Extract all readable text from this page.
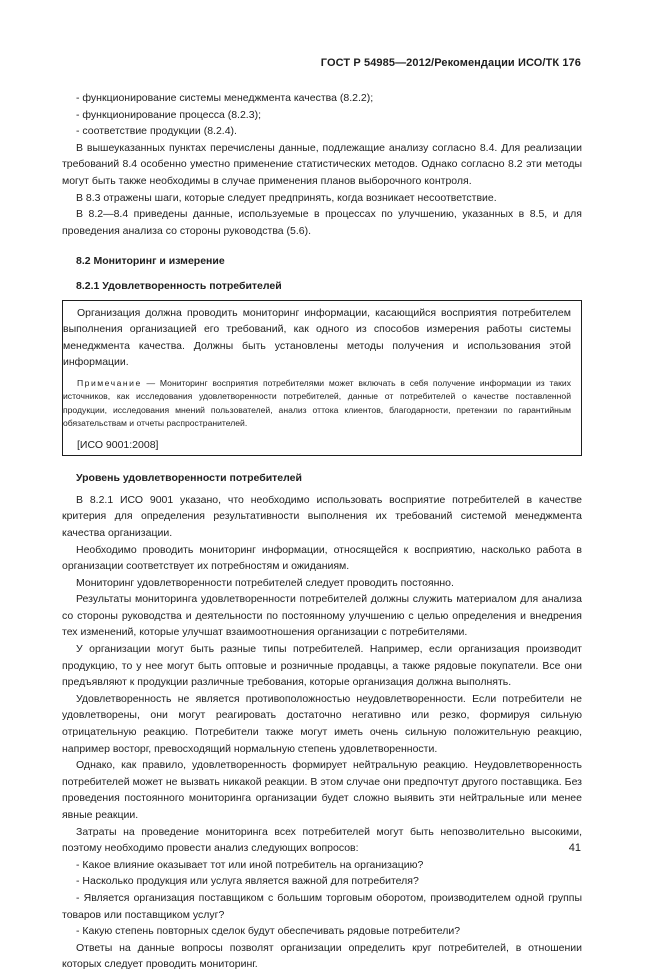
ГОСТ Р 54985—2012/Рекомендации ИСО/ТК 176

- функционирование системы менеджмента качества (8.2.2);

- функционирование процесса (8.2.3);

- соответствие продукции (8.2.4).

В вышеуказанных пунктах перечислены данные, подлежащие анализу согласно 8.4. Для реализации требований 8.4 особенно уместно применение статистических методов. Однако согласно 8.2 эти методы могут быть также необходимы в случае применения планов выборочного контроля.

В 8.3 отражены шаги, которые следует предпринять, когда возникает несоответствие.

В 8.2—8.4 приведены данные, используемые в процессах по улучшению, указанных в 8.5, и для проведения анализа со стороны руководства (5.6).

8.2 Мониторинг и измерение

8.2.1 Удовлетворенность потребителей

Организация должна проводить мониторинг информации, касающийся восприятия потребителем выполнения организацией его требований, как одного из способов измерения работы системы менеджмента качества. Должны быть установлены методы получения и использования этой информации.

Примечание — Мониторинг восприятия потребителями может включать в себя получение информации из таких источников, как исследования удовлетворенности потребителей, данные от потребителей о качестве поставленной продукции, исследования мнений пользователей, анализ оттока клиентов, благодарности, претензии по гарантийным обязательствам и отчеты распространителей.

[ИСО 9001:2008]

Уровень удовлетворенности потребителей

В 8.2.1 ИСО 9001 указано, что необходимо использовать восприятие потребителей в качестве критерия для определения результативности выполнения их требований системой менеджмента качества организации.

Необходимо проводить мониторинг информации, относящейся к восприятию, насколько работа в организации соответствует их потребностям и ожиданиям.

Мониторинг удовлетворенности потребителей следует проводить постоянно.

Результаты мониторинга удовлетворенности потребителей должны служить материалом для анализа со стороны руководства и деятельности по постоянному улучшению с целью определения и внедрения тех изменений, которые улучшат взаимоотношения организации с потребителями.

У организации могут быть разные типы потребителей. Например, если организация производит продукцию, то у нее могут быть оптовые и розничные продавцы, а также рядовые покупатели. Все они предъявляют к продукции различные требования, которые организация должна выполнять.

Удовлетворенность не является противоположностью неудовлетворенности. Если потребители не удовлетворены, они могут реагировать достаточно негативно или резко, формируя сильную отрицательную реакцию. Потребители также могут иметь очень сильную положительную реакцию, например восторг, превосходящий нормальную степень удовлетворенности.

Однако, как правило, удовлетворенность формирует нейтральную реакцию. Неудовлетворенность потребителей может не вызвать никакой реакции. В этом случае они предпочтут другого поставщика. Без проведения постоянного мониторинга организации будет сложно выявить эти нейтральные или менее явные реакции.

Затраты на проведение мониторинга всех потребителей могут быть непозволительно высокими, поэтому необходимо провести анализ следующих вопросов:

- Какое влияние оказывает тот или иной потребитель на организацию?

- Насколько продукция или услуга является важной для потребителя?

- Является организация поставщиком с большим торговым оборотом, производителем одной группы товаров или поставщиком услуг?

- Какую степень повторных сделок будут обеспечивать рядовые потребители?

Ответы на данные вопросы позволят организации определить круг потребителей, в отношении которых следует проводить мониторинг.

41
